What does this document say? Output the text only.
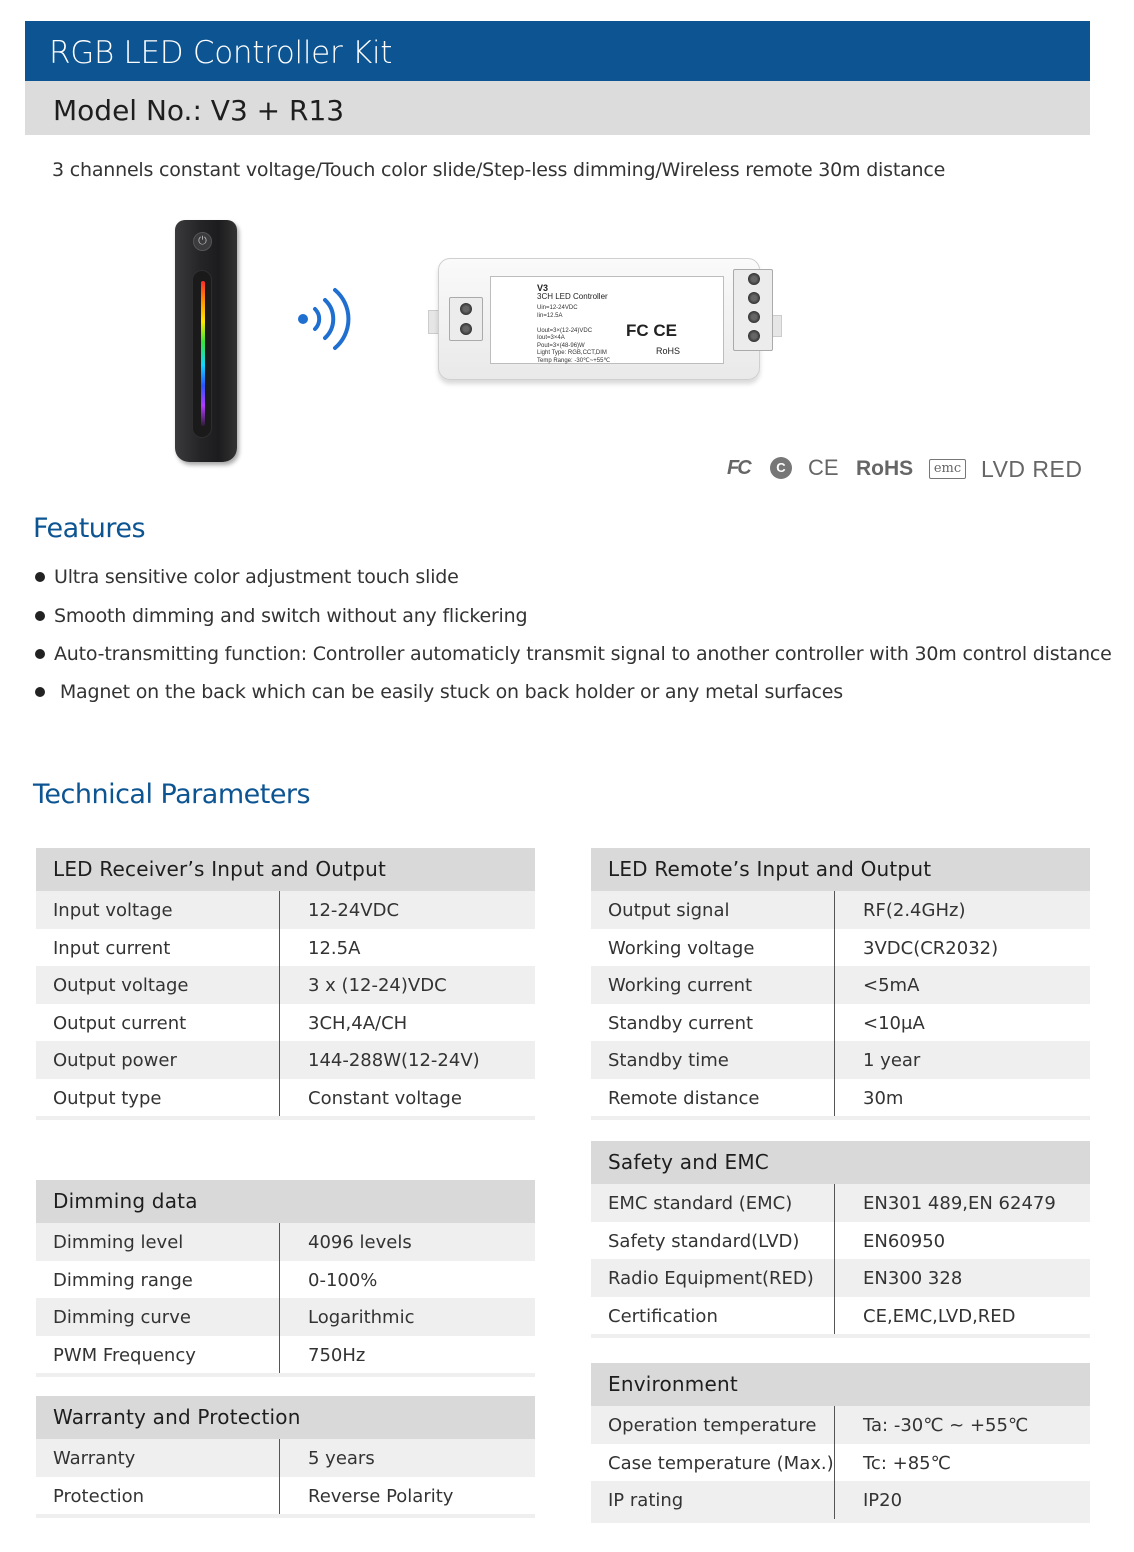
RGB LED Controller Kit
Model No.: V3 + R13
3 channels constant voltage/Touch color slide/Step-less dimming/Wireless remote 30m distance
⏻
V3
3CH LED Controller
Uin=12-24VDC
Iin=12.5A

Uout=3×(12-24)VDC
Iout=3×4A
Pout=3×(48-96)W
Light Type: RGB,CCT,DIM
Temp Range: -30℃~+55℃
FC CE
RoHS
FC	C CE RoHS	emc LVD RED
Features
Ultra sensitive color adjustment touch slide
Smooth dimming and switch without any flickering
Auto-transmitting function: Controller automaticly transmit signal to another controller with 30m control distance
Magnet on the back which can be easily stuck on back holder or any metal surfaces
Technical Parameters
LED Receiver’s Input and Output
Input voltage	12-24VDC
Input current	12.5A
Output voltage	3 x (12-24)VDC
Output current	3CH,4A/CH
Output power	144-288W(12-24V)
Output type	Constant voltage
Dimming data
Dimming level	4096 levels
Dimming range	0-100%
Dimming curve	Logarithmic
PWM Frequency	750Hz
Warranty and Protection
Warranty	5 years
Protection	Reverse Polarity
LED Remote’s Input and Output
Output signal	RF(2.4GHz)
Working voltage	3VDC(CR2032)
Working current	<5mA
Standby current	<10μA
Standby time	1 year
Remote distance	30m
Safety and EMC
EMC standard (EMC)	EN301 489,EN 62479
Safety standard(LVD)	EN60950
Radio Equipment(RED)	EN300 328
Certification	CE,EMC,LVD,RED
Environment
Operation temperature	Ta: -30℃ ~ +55℃
Case temperature (Max.) Tc: +85℃
IP rating	IP20
